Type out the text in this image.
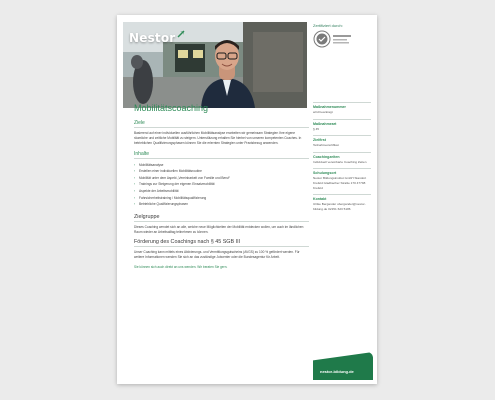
Nestor
Zertifiziert durch:
Mobilitätscoaching
Ziele
Basierend auf einer individuellen ausführlichen Mobilitätsanalyse erarbeiten wir gemeinsam Strategien Ihre eigene räumliche und zeitliche Mobilität zu steigern. Unterstützung erhalten Sie hierbei von unseren kompetenten Coaches. In betrieblichen Qualifizierungsphasen können Sie die erlernten Strategien unter Praxisbezug anwenden.
Inhalte
› Mobilitätsanalyse
› Erstellen einer individuellen Mobilitätsroutine
› Mobilität unter dem Aspekt „Vereinbarkeit von Familie und Beruf“
› Trainings zur Steigerung der eigenen Einsatzmobilität
› Aspekte der Arbeitsmobilität
› Fahrsicherheitstraining / Mobilitätsqualifizierung
› Betriebliche Qualifizierungsphasen
Zielgruppe
Dieses Coaching wendet sich an alle, welche neue Möglichkeiten der Mobilität entdecken wollen, um auch im ländlichen Raum wieder an Arbeitsalltag teilnehmen zu können.
Förderung des Coachings nach § 45 SGB III
Unser Coaching kann mittels eines Aktivierungs- und Vermittlungsgutscheins (AVGS) zu 100 % gefördert werden. Für weitere Informationen wenden Sie sich an das zuständige Jobcenter oder die Bundesagentur für Arbeit.
Sie können sich auch direkt an uns wenden. Wir beraten Sie gern.
Maßnahmenummer
wird beantragt
Maßnahmeart
§ 45
Zielfirst
Teilnahmezertifikat
Coachingzeiten
Individuell vereinbarte Coaching Zeiten
Schulungsort
Nestor Bildungsinstitut GmbH Standort Krefeld Gladbacher Straße 170 47798 Krefeld
Kontakt
Ulrike Bergander ubergander@nestor-bildung.de 02151 623 5186
nestor-bildung.de
